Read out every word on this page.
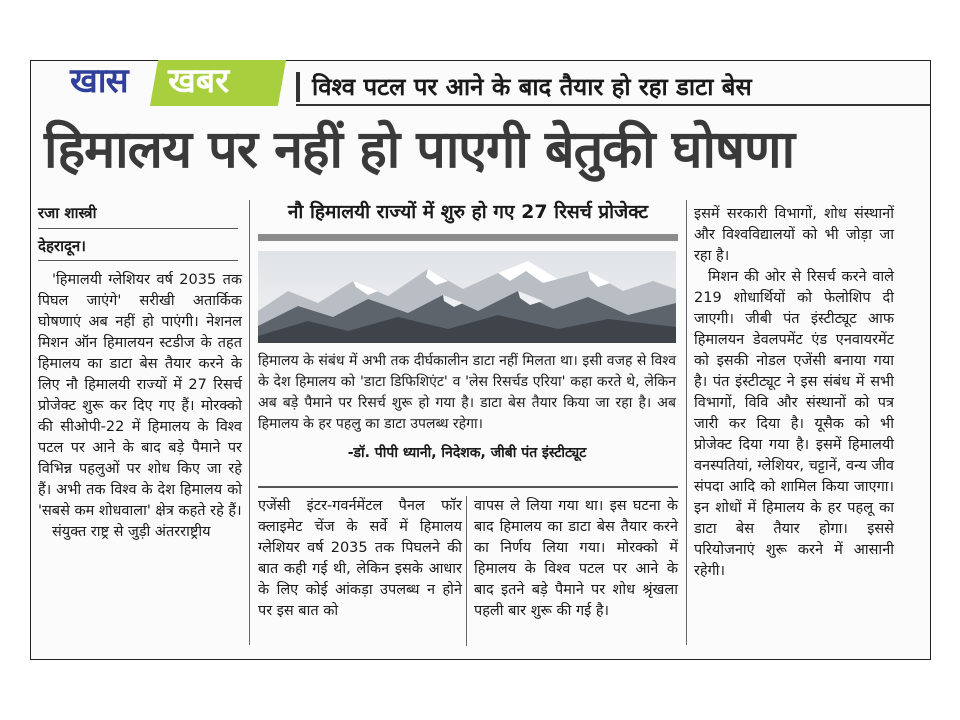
खास खबर	विश्व पटल पर आने के बाद तैयार हो रहा डाटा बेस
हिमालय पर नहीं हो पाएगी बेतुकी घोषणा
रजा शास्त्री
देहरादून।

'हिमालयी ग्लेशियर वर्ष 2035 तक पिघल जाएंगे' सरीखी अतार्किक घोषणाएं अब नहीं हो पाएंगी। नेशनल मिशन ऑन हिमालयन स्टडीज के तहत हिमालय का डाटा बेस तैयार करने के लिए नौ हिमालयी राज्यों में 27 रिसर्च प्रोजेक्ट शुरू कर दिए गए हैं। मोरक्को की सीओपी-22 में हिमालय के विश्व पटल पर आने के बाद बड़े पैमाने पर विभिन्न पहलुओं पर शोध किए जा रहे हैं। अभी तक विश्व के देश हिमालय को 'सबसे कम शोधवाला' क्षेत्र कहते रहे हैं।

संयुक्त राष्ट्र से जुड़ी अंतरराष्ट्रीय

नौ हिमालयी राज्यों में शुरु हो गए 27 रिसर्च प्रोजेक्ट
हिमालय के संबंध में अभी तक दीर्घकालीन डाटा नहीं मिलता था। इसी वजह से विश्व के देश हिमालय को 'डाटा डिफिशिएंट' व 'लेस रिसर्चड एरिया' कहा करते थे, लेकिन अब बड़े पैमाने पर रिसर्च शुरू हो गया है। डाटा बेस तैयार किया जा रहा है। अब हिमालय के हर पहलु का डाटा उपलब्ध रहेगा।
-डॉ. पीपी ध्यानी, निदेशक, जीबी पंत इंस्टीट्यूट
एजेंसी इंटर-गवर्नमेंटल पैनल फॉर क्लाइमेट चेंज के सर्वे में हिमालय ग्लेशियर वर्ष 2035 तक पिघलने की बात कही गई थी, लेकिन इसके आधार के लिए कोई आंकड़ा उपलब्ध न होने पर इस बात को
वापस ले लिया गया था। इस घटना के बाद हिमालय का डाटा बेस तैयार करने का निर्णय लिया गया। मोरक्को में हिमालय के विश्व पटल पर आने के बाद इतने बड़े पैमाने पर शोध श्रृंखला पहली बार शुरू की गई है।

इसमें सरकारी विभागों, शोध संस्थानों और विश्वविद्यालयों को भी जोड़ा जा रहा है।

मिशन की ओर से रिसर्च करने वाले 219 शोधार्थियों को फेलोशिप दी जाएगी। जीबी पंत इंस्टीट्यूट आफ हिमालयन डेवलपमेंट एंड एनवायरमेंट को इसकी नोडल एजेंसी बनाया गया है। पंत इंस्टीट्यूट ने इस संबंध में सभी विभागों, विवि और संस्थानों को पत्र जारी कर दिया है। यूसैक को भी प्रोजेक्ट दिया गया है। इसमें हिमालयी वनस्पतियां, ग्लेशियर, चट्टानें, वन्य जीव संपदा आदि को शामिल किया जाएगा। इन शोधों में हिमालय के हर पहलू का डाटा बेस तैयार होगा। इससे परियोजनाएं शुरू करने में आसानी रहेगी।
